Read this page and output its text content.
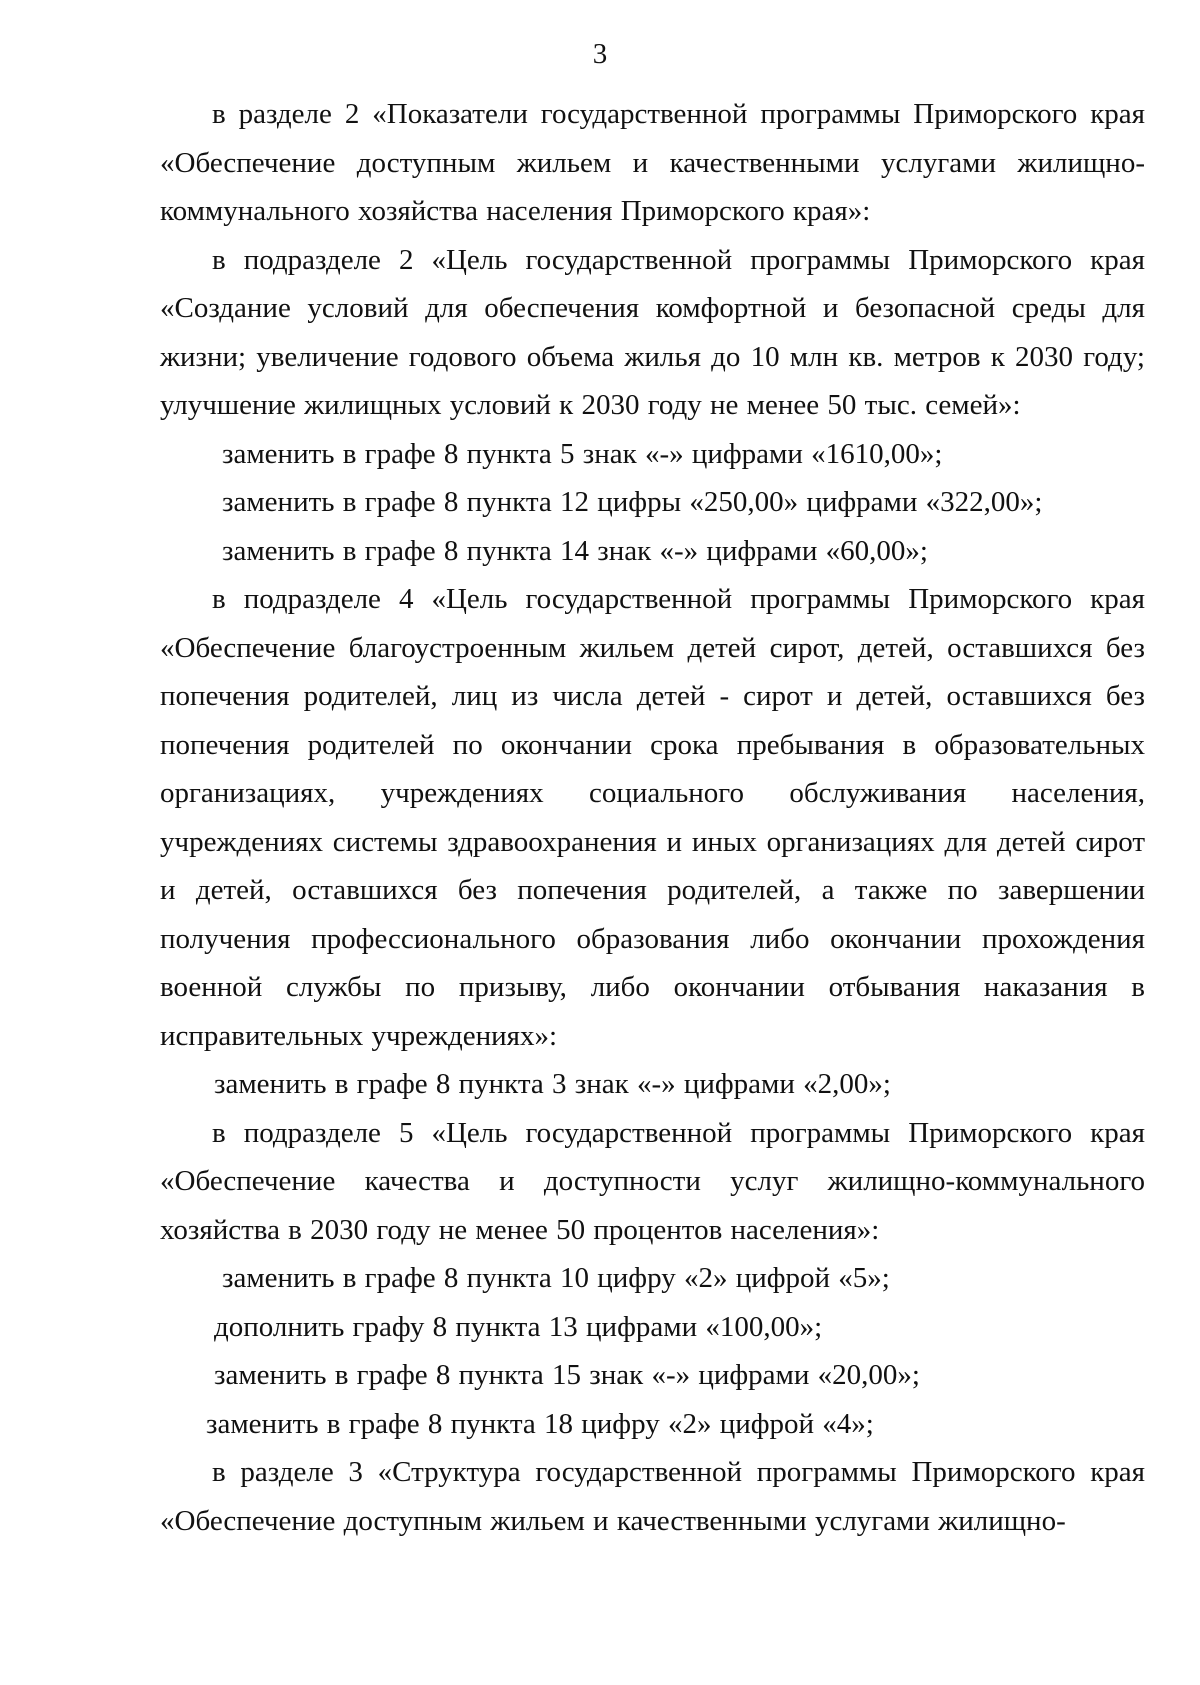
3

в разделе 2 «Показатели государственной программы Приморского края «Обеспечение доступным жильем и качественными услугами жилищно-коммунального хозяйства населения Приморского края»:

в подразделе 2 «Цель государственной программы Приморского края «Создание условий для обеспечения комфортной и безопасной среды для жизни; увеличение годового объема жилья до 10 млн кв. метров к 2030 году; улучшение жилищных условий к 2030 году не менее 50 тыс. семей»:

заменить в графе 8 пункта 5 знак «-» цифрами «1610,00»;

заменить в графе 8 пункта 12 цифры «250,00» цифрами «322,00»;

заменить в графе 8 пункта 14 знак «-» цифрами «60,00»;

в подразделе 4 «Цель государственной программы Приморского края «Обеспечение благоустроенным жильем детей сирот, детей, оставшихся без попечения родителей, лиц из числа детей - сирот и детей, оставшихся без попечения родителей по окончании срока пребывания в образовательных организациях, учреждениях социального обслуживания населения, учреждениях системы здравоохранения и иных организациях для детей сирот и детей, оставшихся без попечения родителей, а также по завершении получения профессионального образования либо окончании прохождения военной службы по призыву, либо окончании отбывания наказания в исправительных учреждениях»:

заменить в графе 8 пункта 3 знак «-» цифрами «2,00»;

в подразделе 5 «Цель государственной программы Приморского края «Обеспечение качества и доступности услуг жилищно-коммунального хозяйства в 2030 году не менее 50 процентов населения»:

заменить в графе 8 пункта 10 цифру «2» цифрой «5»;

дополнить графу 8 пункта 13 цифрами «100,00»;

заменить в графе 8 пункта 15 знак «-» цифрами «20,00»;

заменить в графе 8 пункта 18 цифру «2» цифрой «4»;

в разделе 3 «Структура государственной программы Приморского края «Обеспечение доступным жильем и качественными услугами жилищно-
